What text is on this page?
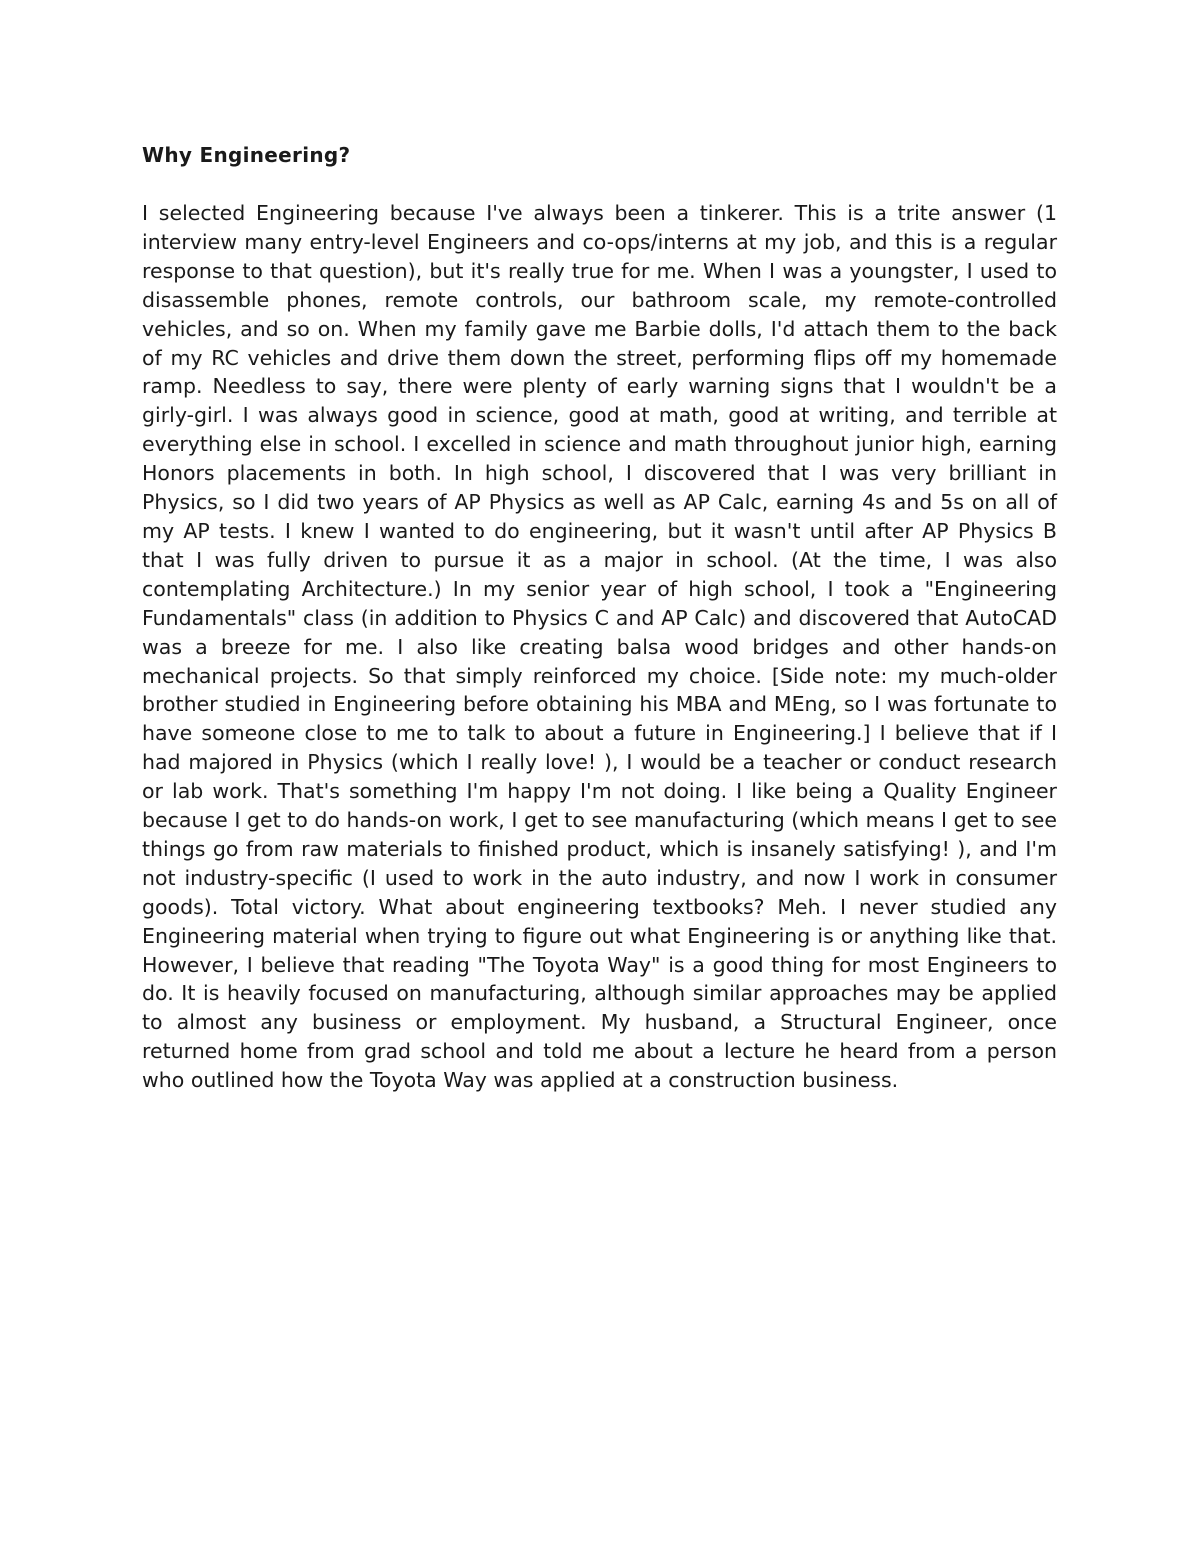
Why Engineering?

I selected Engineering because I've always been a tinkerer. This is a trite answer (1 interview many entry-level Engineers and co-ops/interns at my job, and this is a regular response to that question), but it's really true for me. When I was a youngster, I used to disassemble phones, remote controls, our bathroom scale, my remote-controlled vehicles, and so on. When my family gave me Barbie dolls, I'd attach them to the back of my RC vehicles and drive them down the street, performing flips off my homemade ramp. Needless to say, there were plenty of early warning signs that I wouldn't be a girly-girl. I was always good in science, good at math, good at writing, and terrible at everything else in school. I excelled in science and math throughout junior high, earning Honors placements in both. In high school, I discovered that I was very brilliant in Physics, so I did two years of AP Physics as well as AP Calc, earning 4s and 5s on all of my AP tests. I knew I wanted to do engineering, but it wasn't until after AP Physics B that I was fully driven to pursue it as a major in school. (At the time, I was also contemplating Architecture.) In my senior year of high school, I took a "Engineering Fundamentals" class (in addition to Physics C and AP Calc) and discovered that AutoCAD was a breeze for me. I also like creating balsa wood bridges and other hands-on mechanical projects. So that simply reinforced my choice. [Side note: my much-older brother studied in Engineering before obtaining his MBA and MEng, so I was fortunate to have someone close to me to talk to about a future in Engineering.] I believe that if I had majored in Physics (which I really love! ), I would be a teacher or conduct research or lab work. That's something I'm happy I'm not doing. I like being a Quality Engineer because I get to do hands-on work, I get to see manufacturing (which means I get to see things go from raw materials to finished product, which is insanely satisfying! ), and I'm not industry-specific (I used to work in the auto industry, and now I work in consumer goods). Total victory. What about engineering textbooks? Meh. I never studied any Engineering material when trying to figure out what Engineering is or anything like that. However, I believe that reading "The Toyota Way" is a good thing for most Engineers to do. It is heavily focused on manufacturing, although similar approaches may be applied to almost any business or employment. My husband, a Structural Engineer, once returned home from grad school and told me about a lecture he heard from a person who outlined how the Toyota Way was applied at a construction business.
